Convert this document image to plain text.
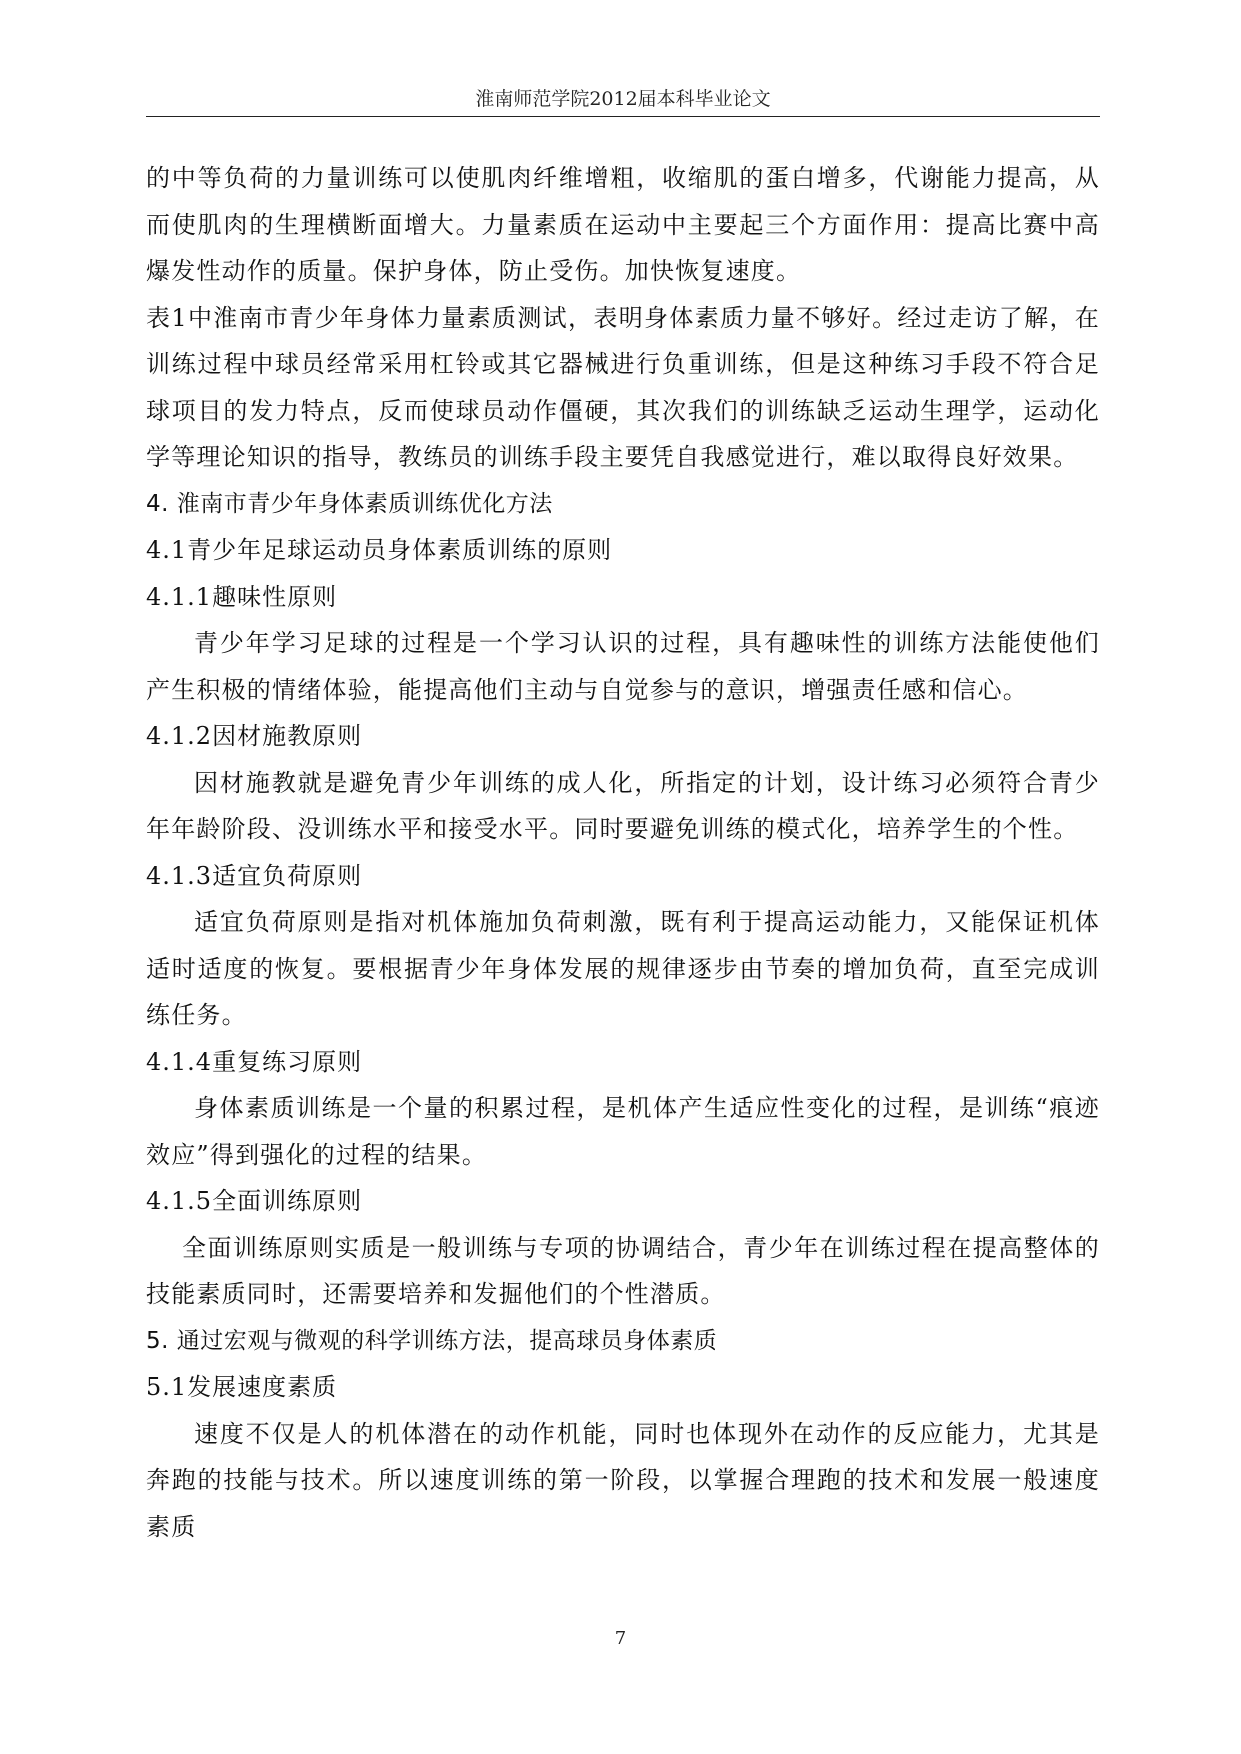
淮南师范学院2012届本科毕业论文

的中等负荷的力量训练可以使肌肉纤维增粗，收缩肌的蛋白增多，代谢能力提高，从而使肌肉的生理横断面增大。力量素质在运动中主要起三个方面作用：提高比赛中高爆发性动作的质量。保护身体，防止受伤。加快恢复速度。

表1中淮南市青少年身体力量素质测试，表明身体素质力量不够好。经过走访了解，在训练过程中球员经常采用杠铃或其它器械进行负重训练，但是这种练习手段不符合足球项目的发力特点，反而使球员动作僵硬，其次我们的训练缺乏运动生理学，运动化学等理论知识的指导，教练员的训练手段主要凭自我感觉进行，难以取得良好效果。

4. 淮南市青少年身体素质训练优化方法

4.1青少年足球运动员身体素质训练的原则

4.1.1趣味性原则

青少年学习足球的过程是一个学习认识的过程，具有趣味性的训练方法能使他们产生积极的情绪体验，能提高他们主动与自觉参与的意识，增强责任感和信心。

4.1.2因材施教原则

因材施教就是避免青少年训练的成人化，所指定的计划，设计练习必须符合青少年年龄阶段、没训练水平和接受水平。同时要避免训练的模式化，培养学生的个性。

4.1.3适宜负荷原则

适宜负荷原则是指对机体施加负荷刺激，既有利于提高运动能力，又能保证机体适时适度的恢复。要根据青少年身体发展的规律逐步由节奏的增加负荷，直至完成训练任务。

4.1.4重复练习原则

身体素质训练是一个量的积累过程，是机体产生适应性变化的过程，是训练“痕迹效应”得到强化的过程的结果。

4.1.5全面训练原则

全面训练原则实质是一般训练与专项的协调结合，青少年在训练过程在提高整体的技能素质同时，还需要培养和发掘他们的个性潜质。

5. 通过宏观与微观的科学训练方法，提高球员身体素质

5.1发展速度素质

速度不仅是人的机体潜在的动作机能，同时也体现外在动作的反应能力，尤其是奔跑的技能与技术。所以速度训练的第一阶段，以掌握合理跑的技术和发展一般速度素质

7
